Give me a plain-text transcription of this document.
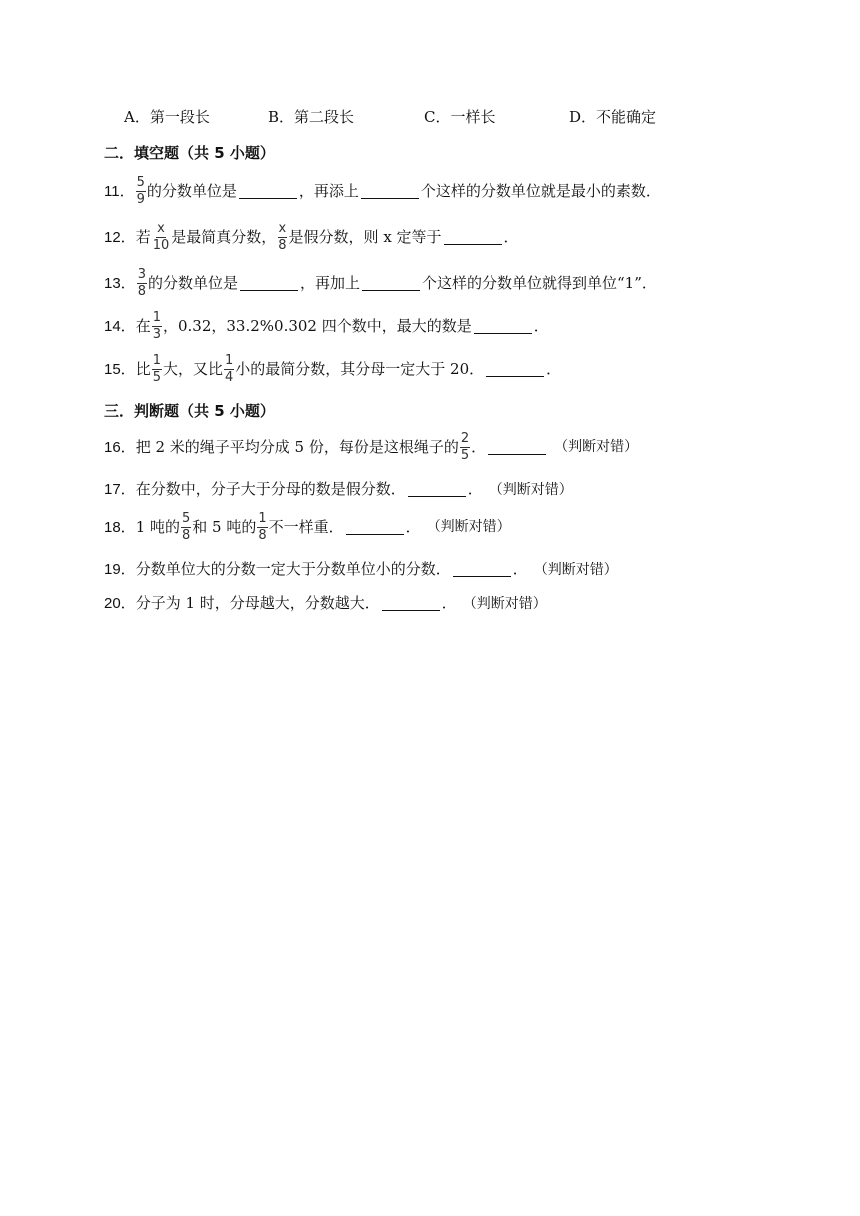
A．第一段长	B．第二段长	C．一样长	D．不能确定
二．填空题（共 5 小题）
11． $\frac{5}{9}$ 的分数单位是	，再添上	个这样的分数单位就是最小的素数．
12． 若 $\frac{x}{10}$ 是最简真分数， $\frac{x}{8}$ 是假分数，则 x 定等于	．
13． $\frac{3}{8}$ 的分数单位是	，再加上	个这样的分数单位就得到单位“1”．
14． 在 $\frac{1}{3}$ ，0.32，33.2%0.302 四个数中，最大的数是	．
15． 比 $\frac{1}{5}$ 大，又比 $\frac{1}{4}$ 小的最简分数，其分母一定大于 20．	．
三．判断题（共 5 小题）
16． 把 2 米的绳子平均分成 5 份，每份是这根绳子的 $\frac{2}{5}$ ．	（判断对错）
17． 在分数中，分子大于分母的数是假分数．	． （判断对错）
18． 1 吨的 $\frac{5}{8}$ 和 5 吨的 $\frac{1}{8}$ 不一样重．	． （判断对错）
19． 分数单位大的分数一定大于分数单位小的分数．	． （判断对错）
20． 分子为 1 时，分母越大，分数越大．	． （判断对错）
